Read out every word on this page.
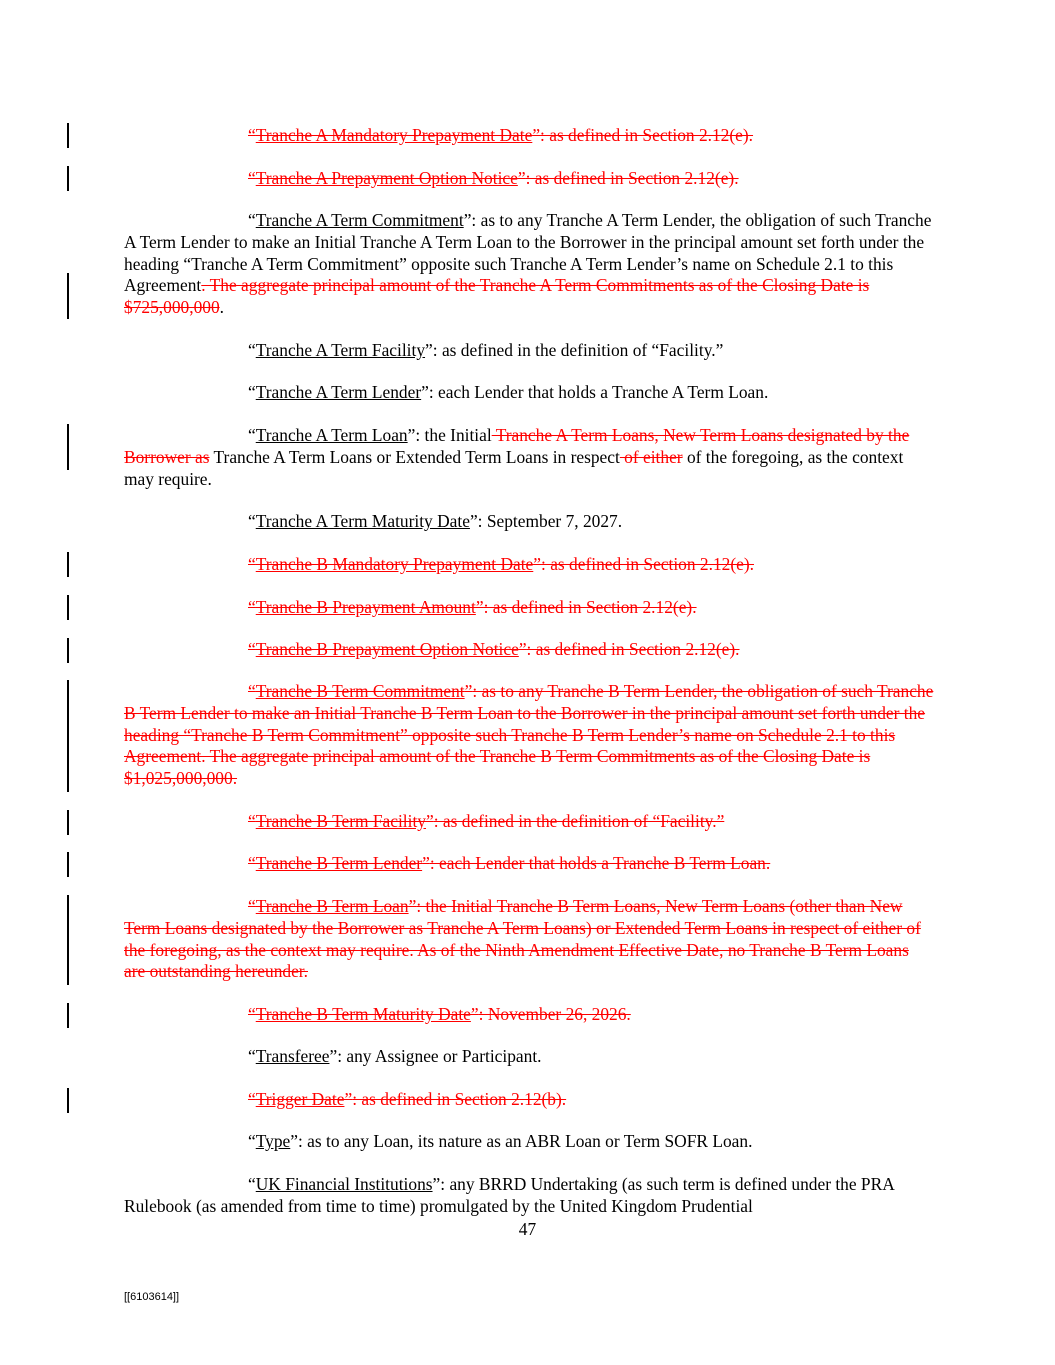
“Tranche A Mandatory Prepayment Date”: as defined in Section 2.12(e).
“Tranche A Prepayment Option Notice”: as defined in Section 2.12(e).
“Tranche A Term Commitment”: as to any Tranche A Term Lender, the obligation of such Tranche A Term Lender to make an Initial Tranche A Term Loan to the Borrower in the principal amount set forth under the heading “Tranche A Term Commitment” opposite such Tranche A Term Lender’s name on Schedule 2.1 to this Agreement. The aggregate principal amount of the Tranche A Term Commitments as of the Closing Date is $725,000,000.
“Tranche A Term Facility”: as defined in the definition of “Facility.”
“Tranche A Term Lender”: each Lender that holds a Tranche A Term Loan.
“Tranche A Term Loan”: the Initial Tranche A Term Loans, New Term Loans designated by the Borrower as Tranche A Term Loans or Extended Term Loans in respect of either of the foregoing, as the context may require.
“Tranche A Term Maturity Date”: September 7, 2027.
“Tranche B Mandatory Prepayment Date”: as defined in Section 2.12(e).
“Tranche B Prepayment Amount”: as defined in Section 2.12(e).
“Tranche B Prepayment Option Notice”: as defined in Section 2.12(e).
“Tranche B Term Commitment”: as to any Tranche B Term Lender, the obligation of such Tranche B Term Lender to make an Initial Tranche B Term Loan to the Borrower in the principal amount set forth under the heading “Tranche B Term Commitment” opposite such Tranche B Term Lender’s name on Schedule 2.1 to this Agreement. The aggregate principal amount of the Tranche B Term Commitments as of the Closing Date is $1,025,000,000.
“Tranche B Term Facility”: as defined in the definition of “Facility.”
“Tranche B Term Lender”: each Lender that holds a Tranche B Term Loan.
“Tranche B Term Loan”: the Initial Tranche B Term Loans, New Term Loans (other than New Term Loans designated by the Borrower as Tranche A Term Loans) or Extended Term Loans in respect of either of the foregoing, as the context may require. As of the Ninth Amendment Effective Date, no Tranche B Term Loans are outstanding hereunder.
“Tranche B Term Maturity Date”: November 26, 2026.
“Transferee”: any Assignee or Participant.
“Trigger Date”: as defined in Section 2.12(b).
“Type”: as to any Loan, its nature as an ABR Loan or Term SOFR Loan.
“UK Financial Institutions”: any BRRD Undertaking (as such term is defined under the PRA Rulebook (as amended from time to time) promulgated by the United Kingdom Prudential
47
[[6103614]]
